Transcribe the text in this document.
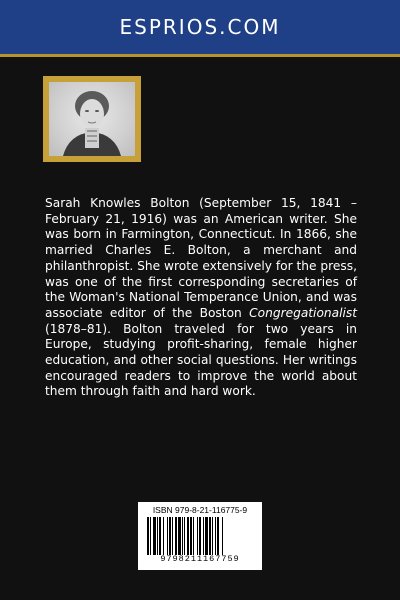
ESPRIOS.COM
Sarah Knowles Bolton (September 15, 1841 – February 21, 1916) was an American writer. She was born in Farmington, Connecticut. In 1866, she married Charles E. Bolton, a merchant and philanthropist. She wrote extensively for the press, was one of the first corresponding secretaries of the Woman's National Temperance Union, and was associate editor of the Boston Congregationalist (1878–81). Bolton traveled for two years in Europe, studying profit-sharing, female higher education, and other social questions. Her writings encouraged readers to improve the world about them through faith and hard work.
ISBN 979-8-21-116775-9
9798211167759
